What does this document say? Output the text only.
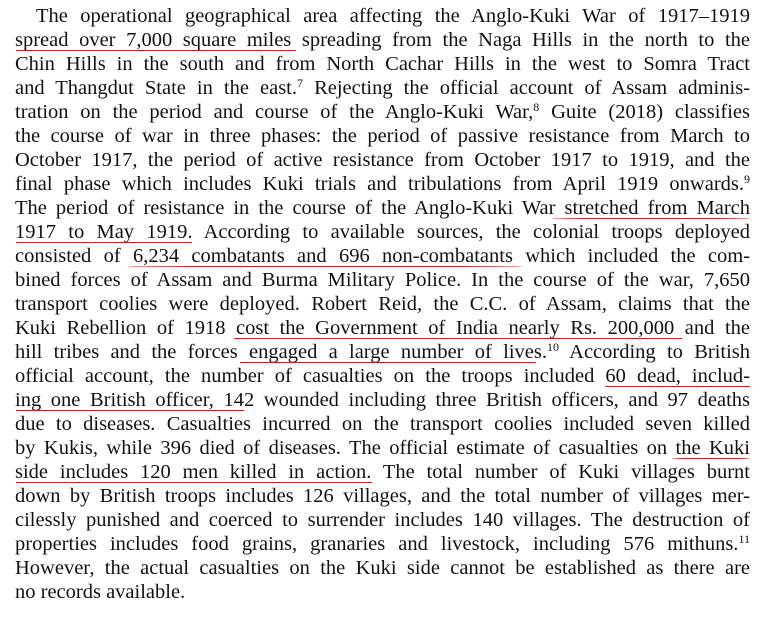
The operational geographical area affecting the Anglo-Kuki War of 1917–1919
spread over 7,000 square miles spreading from the Naga Hills in the north to the
Chin Hills in the south and from North Cachar Hills in the west to Somra Tract
and Thangdut State in the east.$^7$ Rejecting the official account of Assam adminis-
tration on the period and course of the Anglo-Kuki War,$^8$ Guite (2018) classifies
the course of war in three phases: the period of passive resistance from March to
October 1917, the period of active resistance from October 1917 to 1919, and the
final phase which includes Kuki trials and tribulations from April 1919 onwards.$^9$
The period of resistance in the course of the Anglo-Kuki War stretched from March
1917 to May 1919. According to available sources, the colonial troops deployed
consisted of 6,234 combatants and 696 non-combatants which included the com-
bined forces of Assam and Burma Military Police. In the course of the war, 7,650
transport coolies were deployed. Robert Reid, the C.C. of Assam, claims that the
Kuki Rebellion of 1918 cost the Government of India nearly Rs. 200,000 and the
hill tribes and the forces engaged a large number of lives.$^{10}$ According to British
official account, the number of casualties on the troops included 60 dead, includ-
ing one British officer, 142 wounded including three British officers, and 97 deaths
due to diseases. Casualties incurred on the transport coolies included seven killed
by Kukis, while 396 died of diseases. The official estimate of casualties on the Kuki
side includes 120 men killed in action. The total number of Kuki villages burnt
down by British troops includes 126 villages, and the total number of villages mer-
cilessly punished and coerced to surrender includes 140 villages. The destruction of
properties includes food grains, granaries and livestock, including 576 mithuns.$^{11}$
However, the actual casualties on the Kuki side cannot be established as there are
no records available.
